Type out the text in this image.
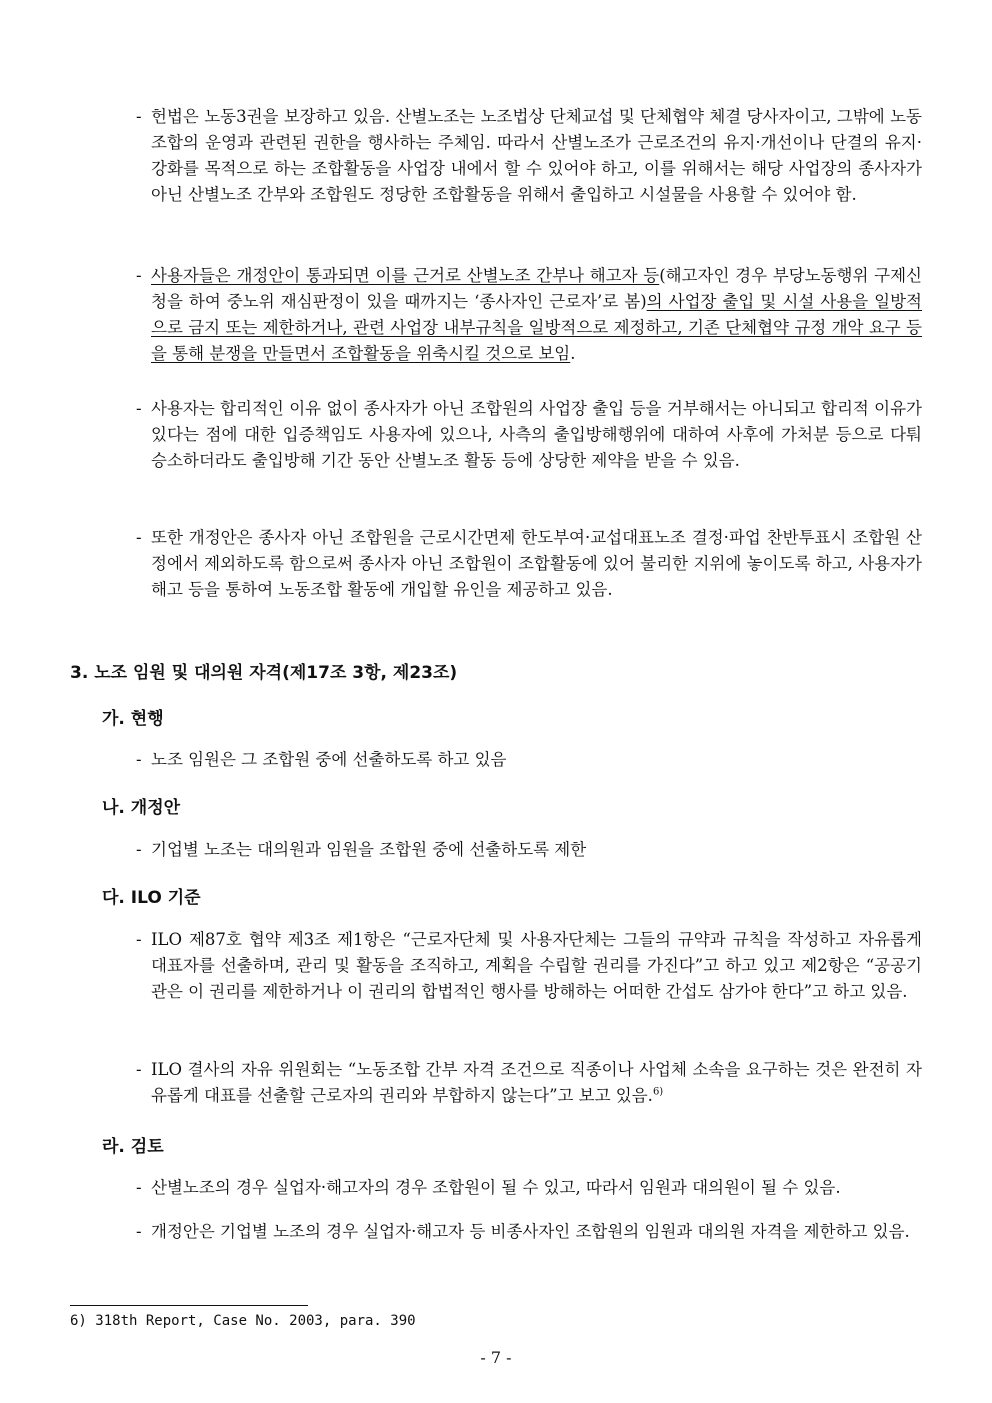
- 헌법은 노동3권을 보장하고 있음. 산별노조는 노조법상 단체교섭 및 단체협약 체결 당사자이고, 그밖에 노동조합의 운영과 관련된 권한을 행사하는 주체임. 따라서 산별노조가 근로조건의 유지·개선이나 단결의 유지·강화를 목적으로 하는 조합활동을 사업장 내에서 할 수 있어야 하고, 이를 위해서는 해당 사업장의 종사자가 아닌 산별노조 간부와 조합원도 정당한 조합활동을 위해서 출입하고 시설물을 사용할 수 있어야 함.
- 사용자들은 개정안이 통과되면 이를 근거로 산별노조 간부나 해고자 등(해고자인 경우 부당노동행위 구제신청을 하여 중노위 재심판정이 있을 때까지는 ‘종사자인 근로자’로 봄)의 사업장 출입 및 시설 사용을 일방적으로 금지 또는 제한하거나, 관련 사업장 내부규칙을 일방적으로 제정하고, 기존 단체협약 규정 개악 요구 등을 통해 분쟁을 만들면서 조합활동을 위축시킬 것으로 보임.
- 사용자는 합리적인 이유 없이 종사자가 아닌 조합원의 사업장 출입 등을 거부해서는 아니되고 합리적 이유가 있다는 점에 대한 입증책임도 사용자에 있으나, 사측의 출입방해행위에 대하여 사후에 가처분 등으로 다퉈 승소하더라도 출입방해 기간 동안 산별노조 활동 등에 상당한 제약을 받을 수 있음.
- 또한 개정안은 종사자 아닌 조합원을 근로시간면제 한도부여·교섭대표노조 결정·파업 찬반투표시 조합원 산정에서 제외하도록 함으로써 종사자 아닌 조합원이 조합활동에 있어 불리한 지위에 놓이도록 하고, 사용자가 해고 등을 통하여 노동조합 활동에 개입할 유인을 제공하고 있음.
3. 노조 임원 및 대의원 자격(제17조 3항, 제23조)
가. 현행
- 노조 임원은 그 조합원 중에 선출하도록 하고 있음
나. 개정안
- 기업별 노조는 대의원과 임원을 조합원 중에 선출하도록 제한
다. ILO 기준
- ILO 제87호 협약 제3조 제1항은 “근로자단체 및 사용자단체는 그들의 규약과 규칙을 작성하고 자유롭게 대표자를 선출하며, 관리 및 활동을 조직하고, 계획을 수립할 권리를 가진다”고 하고 있고 제2항은 “공공기관은 이 권리를 제한하거나 이 권리의 합법적인 행사를 방해하는 어떠한 간섭도 삼가야 한다”고 하고 있음.
- ILO 결사의 자유 위원회는 “노동조합 간부 자격 조건으로 직종이나 사업체 소속을 요구하는 것은 완전히 자유롭게 대표를 선출할 근로자의 권리와 부합하지 않는다”고 보고 있음.$^{6)}$
라. 검토
- 산별노조의 경우 실업자·해고자의 경우 조합원이 될 수 있고, 따라서 임원과 대의원이 될 수 있음.
- 개정안은 기업별 노조의 경우 실업자·해고자 등 비종사자인 조합원의 임원과 대의원 자격을 제한하고 있음.
6) 318th Report, Case No. 2003, para. 390
- 7 -
